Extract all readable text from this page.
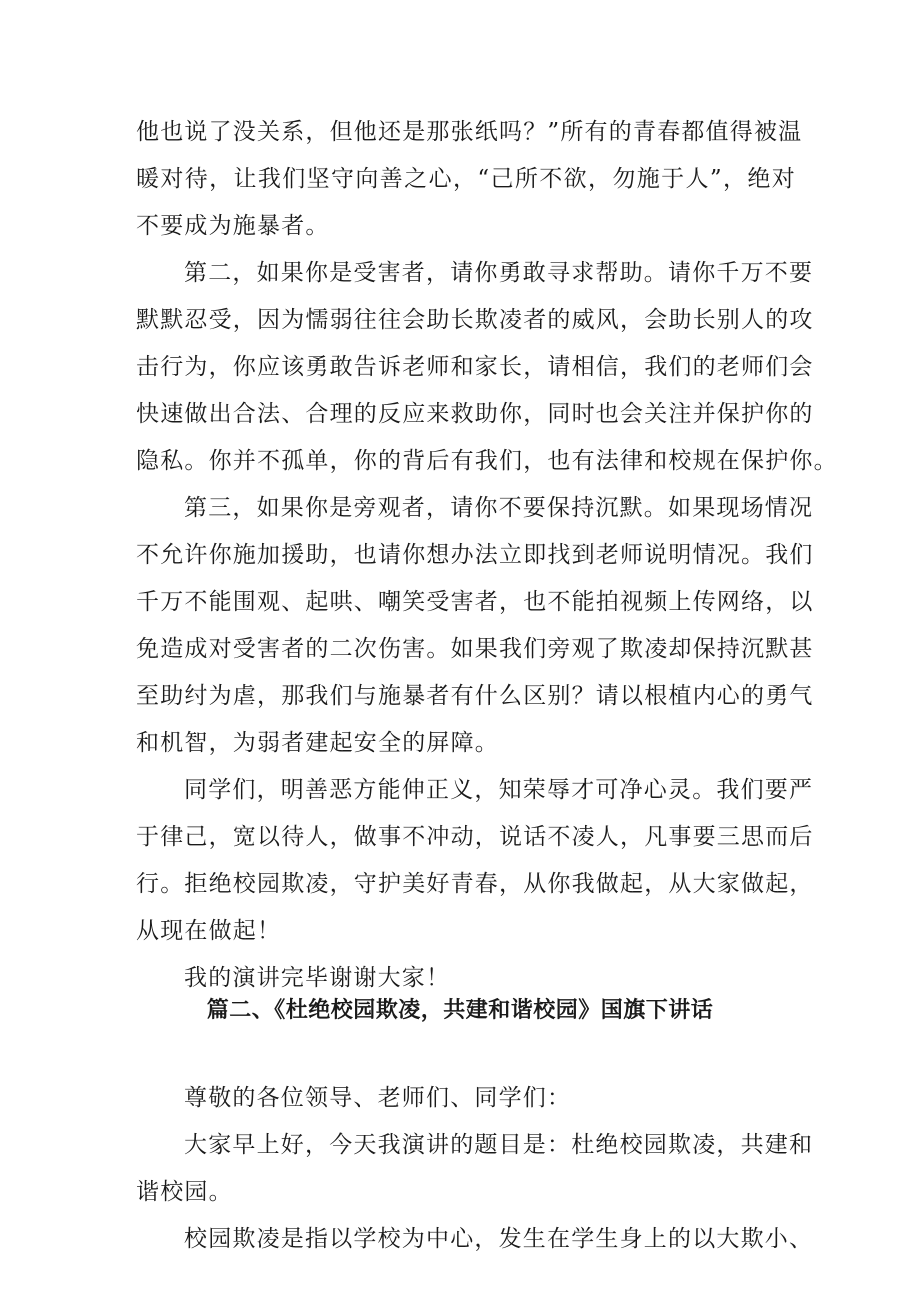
他也说了没关系，但他还是那张纸吗？”所有的青春都值得被温
暖对待，让我们坚守向善之心，“己所不欲，勿施于人”，绝对
不要成为施暴者。
第二，如果你是受害者，请你勇敢寻求帮助。请你千万不要
默默忍受，因为懦弱往往会助长欺凌者的威风，会助长别人的攻
击行为，你应该勇敢告诉老师和家长，请相信，我们的老师们会
快速做出合法、合理的反应来救助你，同时也会关注并保护你的
隐私。你并不孤单，你的背后有我们，也有法律和校规在保护你。
第三，如果你是旁观者，请你不要保持沉默。如果现场情况
不允许你施加援助，也请你想办法立即找到老师说明情况。我们
千万不能围观、起哄、嘲笑受害者，也不能拍视频上传网络，以
免造成对受害者的二次伤害。如果我们旁观了欺凌却保持沉默甚
至助纣为虐，那我们与施暴者有什么区别？请以根植内心的勇气
和机智，为弱者建起安全的屏障。
同学们，明善恶方能伸正义，知荣辱才可净心灵。我们要严
于律己，宽以待人，做事不冲动，说话不凌人，凡事要三思而后
行。拒绝校园欺凌，守护美好青春，从你我做起，从大家做起，
从现在做起！
我的演讲完毕谢谢大家！
篇二、《杜绝校园欺凌，共建和谐校园》国旗下讲话
尊敬的各位领导、老师们、同学们：
大家早上好，今天我演讲的题目是：杜绝校园欺凌，共建和
谐校园。
校园欺凌是指以学校为中心，发生在学生身上的以大欺小、
